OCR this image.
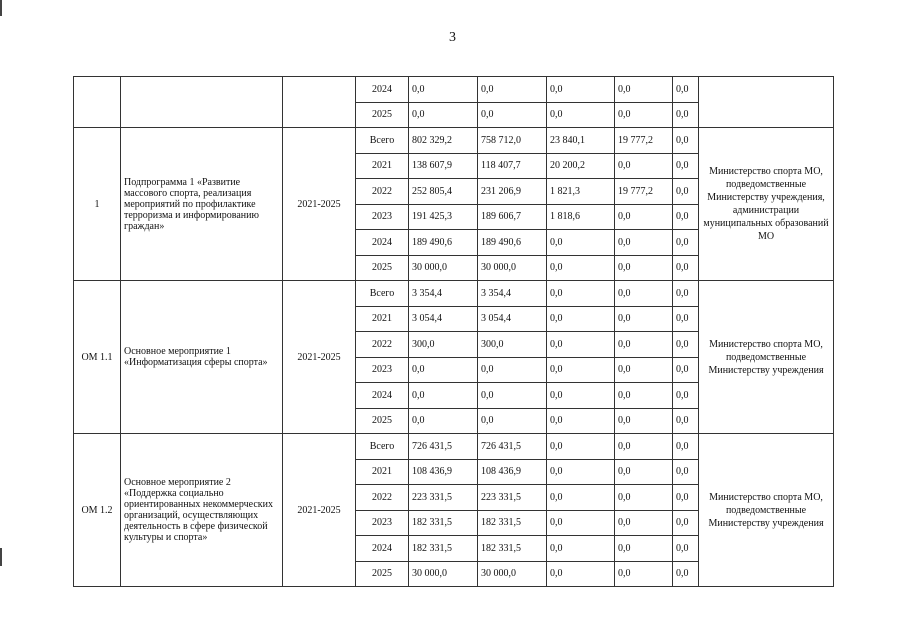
3
			2024	0,0	0,0	0,0	0,0	0,0	
			2025	0,0	0,0	0,0	0,0	0,0	
1	Подпрограмма 1 «Развитие массового спорта, реализация мероприятий по профилактике терроризма и информированию граждан»	2021-2025	Всего	802 329,2	758 712,0	23 840,1	19 777,2	0,0	Министерство спорта МО, подведомственные Министерству учреждения, администрации муниципальных образований МО
			2021	138 607,9	118 407,7	20 200,2	0,0	0,0	
			2022	252 805,4	231 206,9	1 821,3	19 777,2	0,0	
			2023	191 425,3	189 606,7	1 818,6	0,0	0,0	
			2024	189 490,6	189 490,6	0,0	0,0	0,0	
			2025	30 000,0	30 000,0	0,0	0,0	0,0	
ОМ 1.1	Основное мероприятие 1 «Информатизация сферы спорта»	2021-2025	Всего	3 354,4	3 354,4	0,0	0,0	0,0	Министерство спорта МО, подведомственные Министерству учреждения
			2021	3 054,4	3 054,4	0,0	0,0	0,0	
			2022	300,0	300,0	0,0	0,0	0,0	
			2023	0,0	0,0	0,0	0,0	0,0	
			2024	0,0	0,0	0,0	0,0	0,0	
			2025	0,0	0,0	0,0	0,0	0,0	
ОМ 1.2	Основное мероприятие 2 «Поддержка социально ориентированных некоммерческих организаций, осуществляющих деятельность в сфере физической культуры и спорта»	2021-2025	Всего	726 431,5	726 431,5	0,0	0,0	0,0	Министерство спорта МО, подведомственные Министерству учреждения
			2021	108 436,9	108 436,9	0,0	0,0	0,0	
			2022	223 331,5	223 331,5	0,0	0,0	0,0	
			2023	182 331,5	182 331,5	0,0	0,0	0,0	
			2024	182 331,5	182 331,5	0,0	0,0	0,0	
			2025	30 000,0	30 000,0	0,0	0,0	0,0	
